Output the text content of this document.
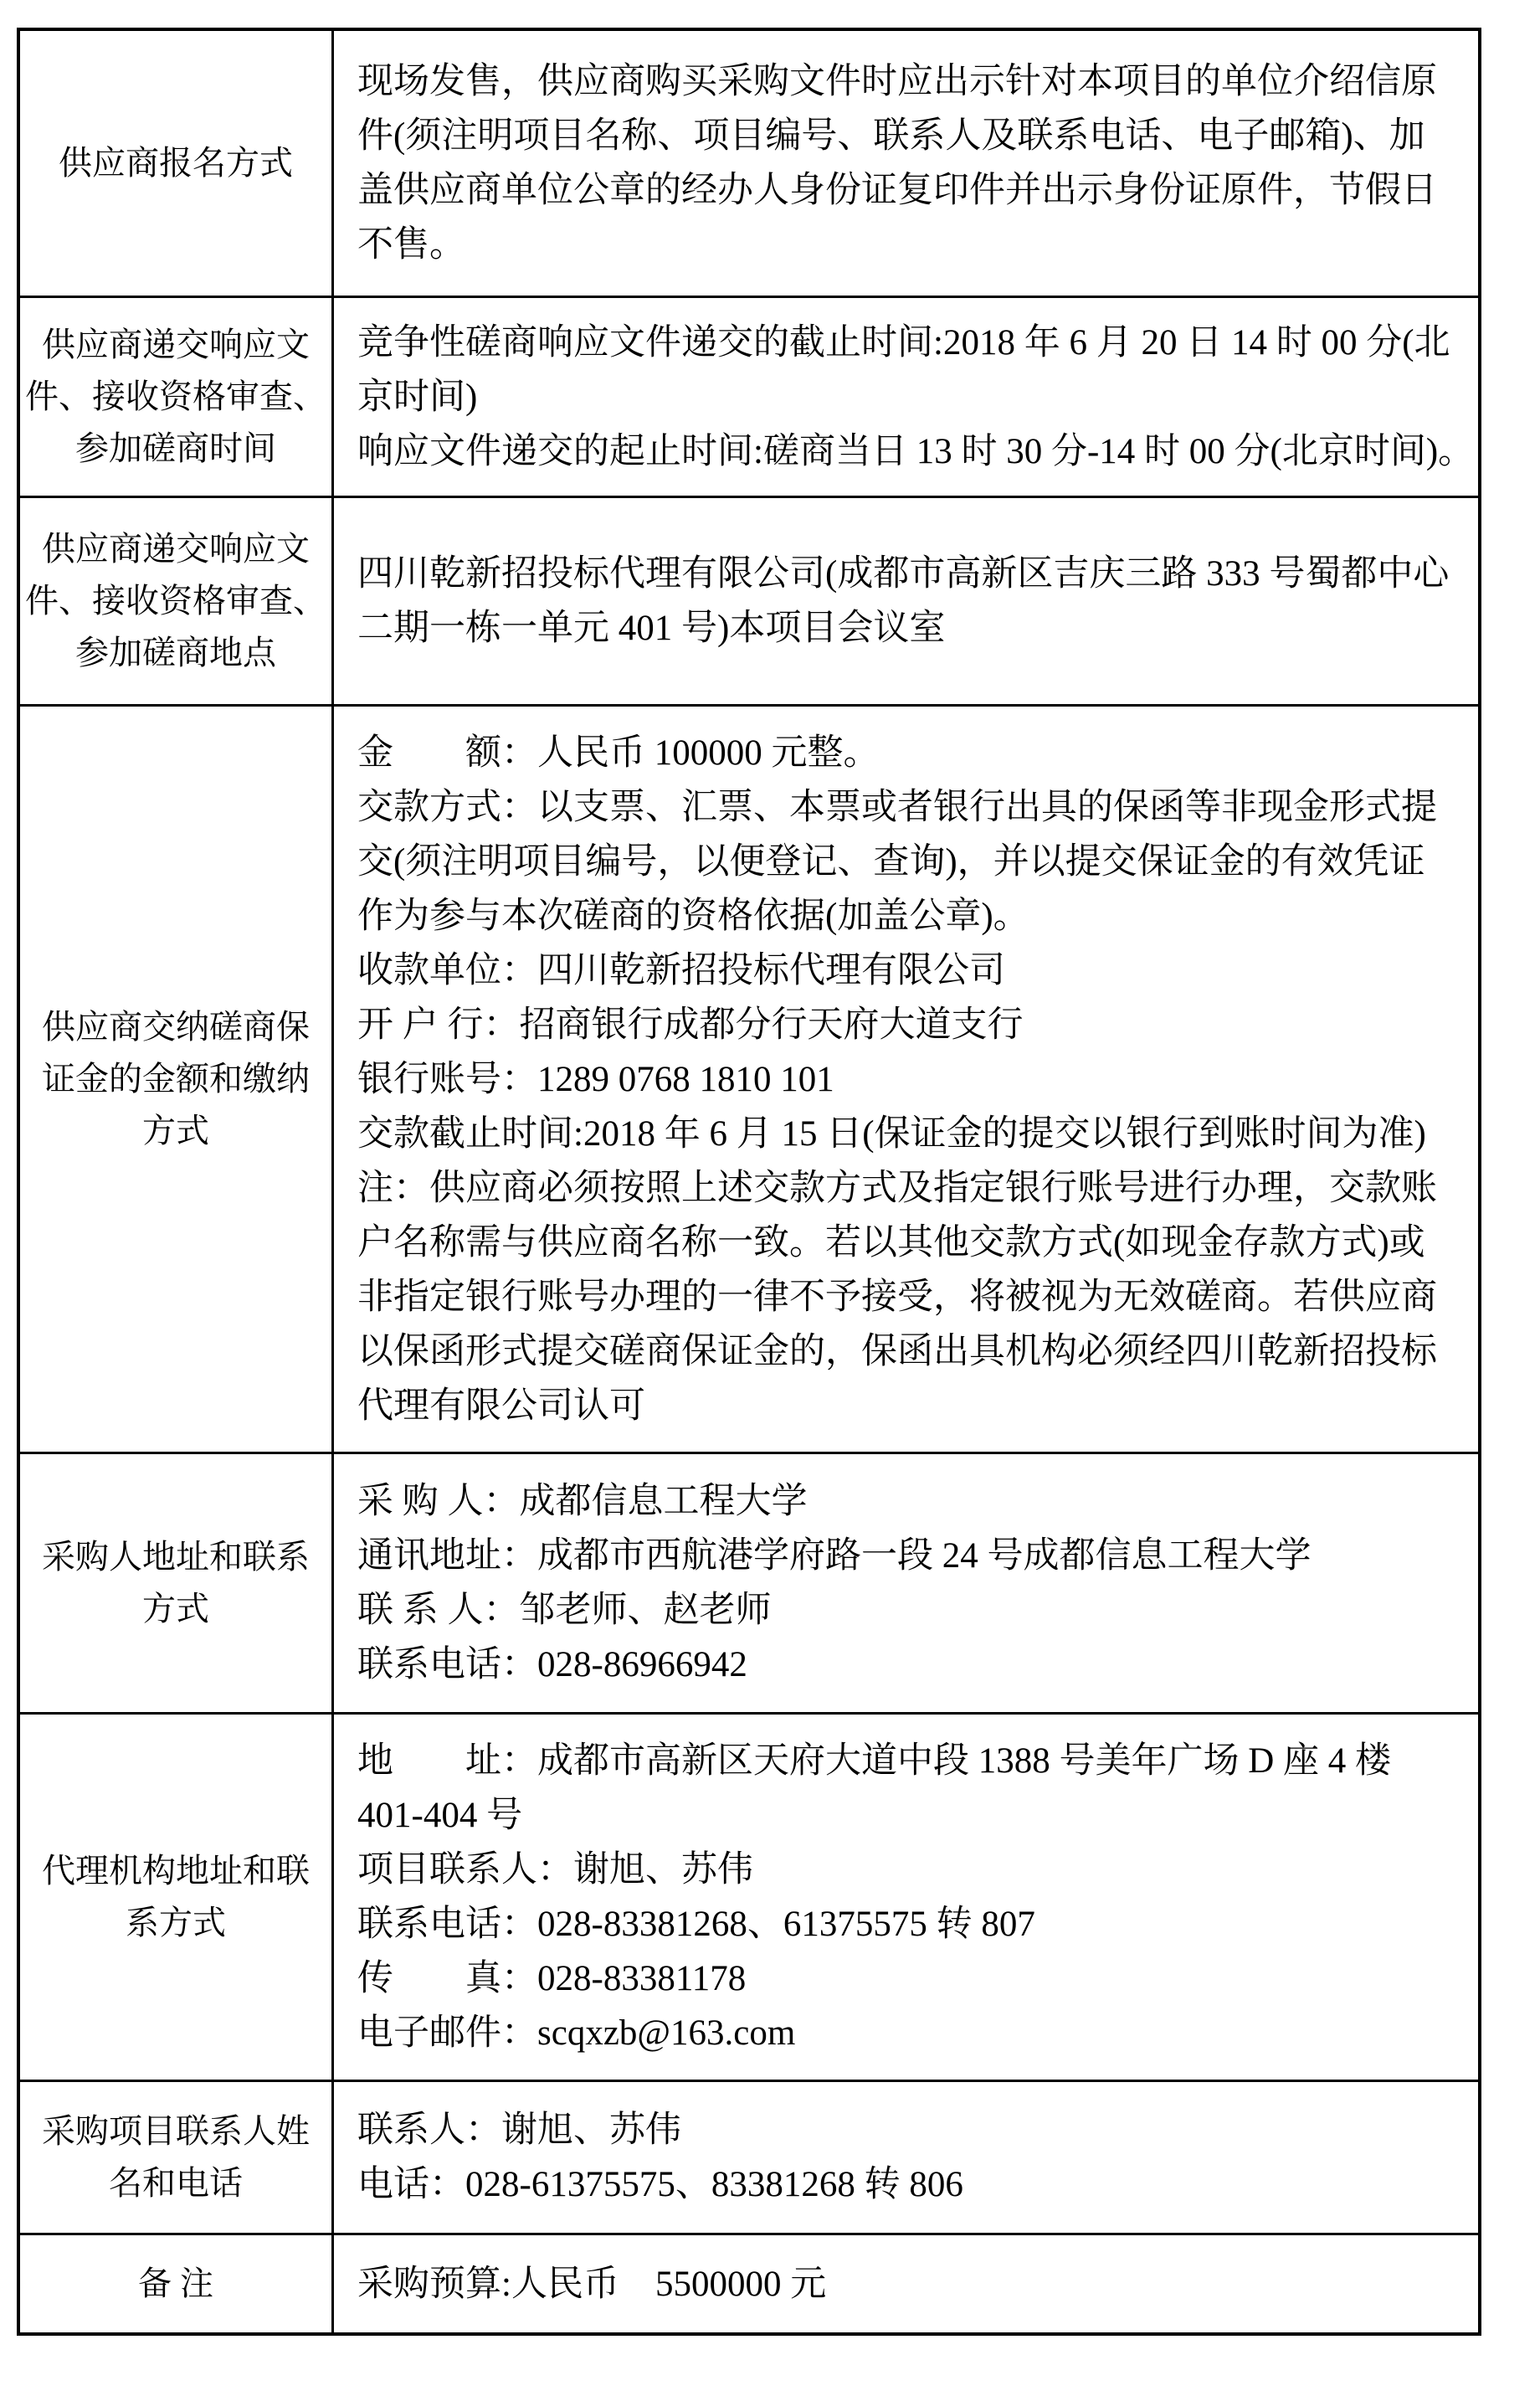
供应商报名方式
现场发售，供应商购买采购文件时应出示针对本项目的单位介绍信原
件(须注明项目名称、项目编号、联系人及联系电话、电子邮箱)、加
盖供应商单位公章的经办人身份证复印件并出示身份证原件，节假日
不售。
供应商递交响应文
件、接收资格审查、
参加磋商时间
竞争性磋商响应文件递交的截止时间:2018 年 6 月 20 日 14 时 00 分(北
京时间)
响应文件递交的起止时间:磋商当日 13 时 30 分-14 时 00 分(北京时间)。
供应商递交响应文
件、接收资格审查、
参加磋商地点
四川乾新招投标代理有限公司(成都市高新区吉庆三路 333 号蜀都中心
二期一栋一单元 401 号)本项目会议室
供应商交纳磋商保
证金的金额和缴纳
方式
金　　额：人民币 100000 元整。
交款方式：以支票、汇票、本票或者银行出具的保函等非现金形式提
交(须注明项目编号，以便登记、查询)，并以提交保证金的有效凭证
作为参与本次磋商的资格依据(加盖公章)。
收款单位：四川乾新招投标代理有限公司
开 户 行：招商银行成都分行天府大道支行
银行账号：1289 0768 1810 101
交款截止时间:2018 年 6 月 15 日(保证金的提交以银行到账时间为准)
注：供应商必须按照上述交款方式及指定银行账号进行办理，交款账
户名称需与供应商名称一致。若以其他交款方式(如现金存款方式)或
非指定银行账号办理的一律不予接受，将被视为无效磋商。若供应商
以保函形式提交磋商保证金的，保函出具机构必须经四川乾新招投标
代理有限公司认可
采购人地址和联系
方式
采 购 人：成都信息工程大学
通讯地址：成都市西航港学府路一段 24 号成都信息工程大学
联 系 人：邹老师、赵老师
联系电话：028-86966942
代理机构地址和联
系方式
地　　址：成都市高新区天府大道中段 1388 号美年广场 D 座 4 楼
401-404 号
项目联系人：谢旭、苏伟
联系电话：028-83381268、61375575 转 807
传　　真：028-83381178
电子邮件：scqxzb@163.com
采购项目联系人姓
名和电话
联系人：谢旭、苏伟
电话：028-61375575、83381268 转 806
备 注	采购预算:人民币　5500000 元
